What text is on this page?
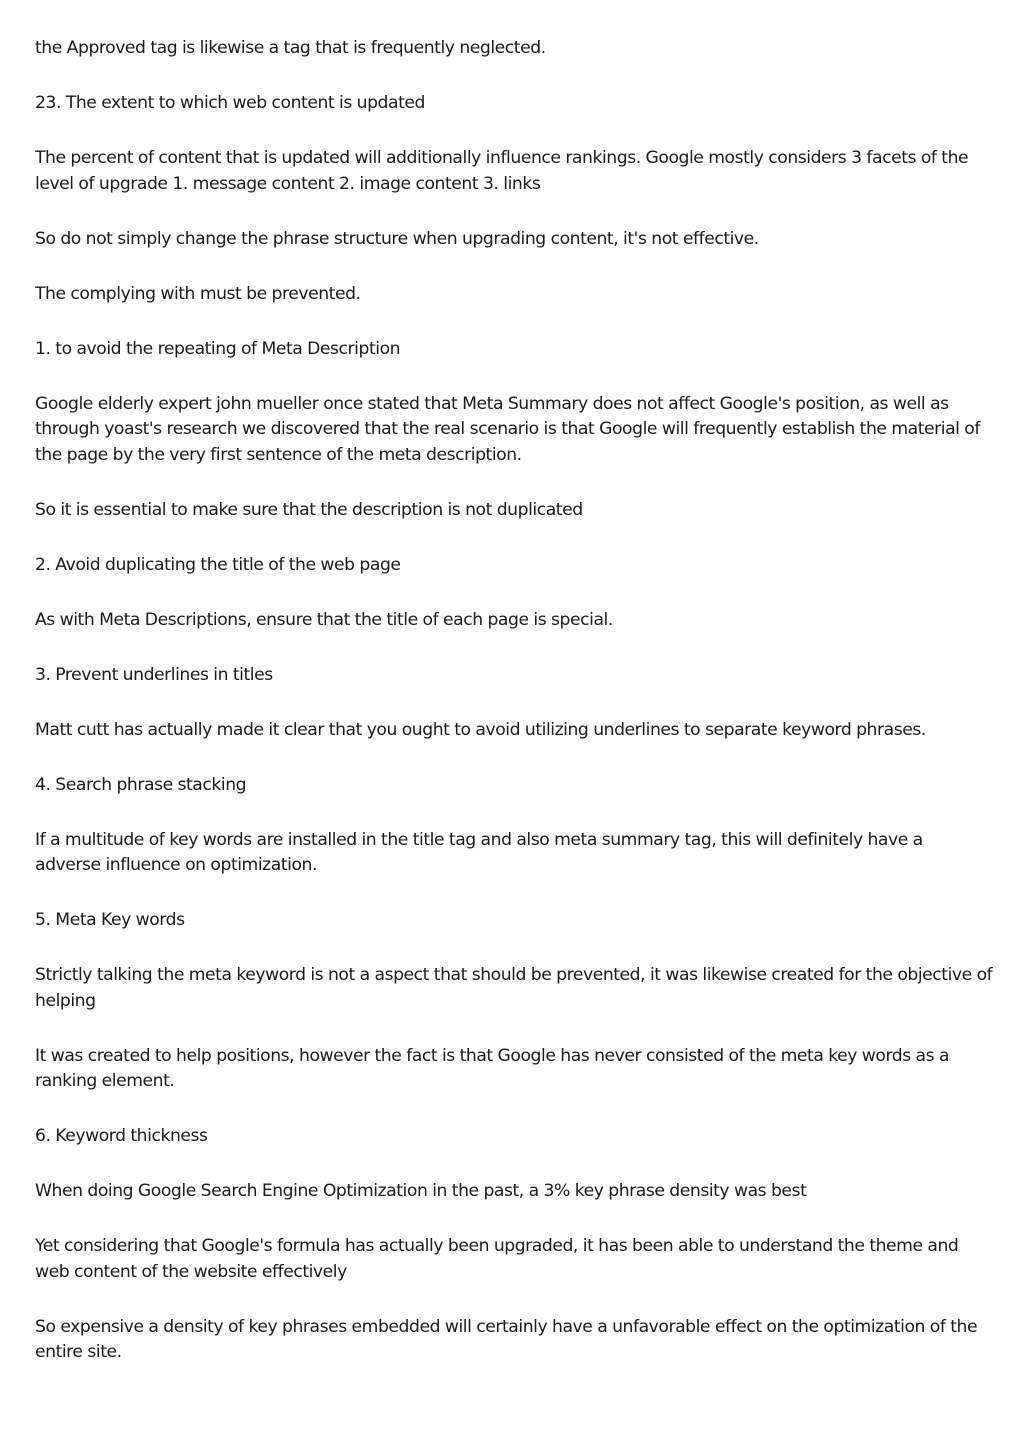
the Approved tag is likewise a tag that is frequently neglected.

23. The extent to which web content is updated

The percent of content that is updated will additionally influence rankings. Google mostly considers 3 facets of the level of upgrade 1. message content 2. image content 3. links

So do not simply change the phrase structure when upgrading content, it's not effective.

The complying with must be prevented.

1. to avoid the repeating of Meta Description

Google elderly expert john mueller once stated that Meta Summary does not affect Google's position, as well as through yoast's research we discovered that the real scenario is that Google will frequently establish the material of the page by the very first sentence of the meta description.

So it is essential to make sure that the description is not duplicated

2. Avoid duplicating the title of the web page

As with Meta Descriptions, ensure that the title of each page is special.

3. Prevent underlines in titles

Matt cutt has actually made it clear that you ought to avoid utilizing underlines to separate keyword phrases.

4. Search phrase stacking

If a multitude of key words are installed in the title tag and also meta summary tag, this will definitely have a adverse influence on optimization.

5. Meta Key words

Strictly talking the meta keyword is not a aspect that should be prevented, it was likewise created for the objective of helping

It was created to help positions, however the fact is that Google has never consisted of the meta key words as a ranking element.

6. Keyword thickness

When doing Google Search Engine Optimization in the past, a 3% key phrase density was best

Yet considering that Google's formula has actually been upgraded, it has been able to understand the theme and web content of the website effectively

So expensive a density of key phrases embedded will certainly have a unfavorable effect on the optimization of the entire site.
